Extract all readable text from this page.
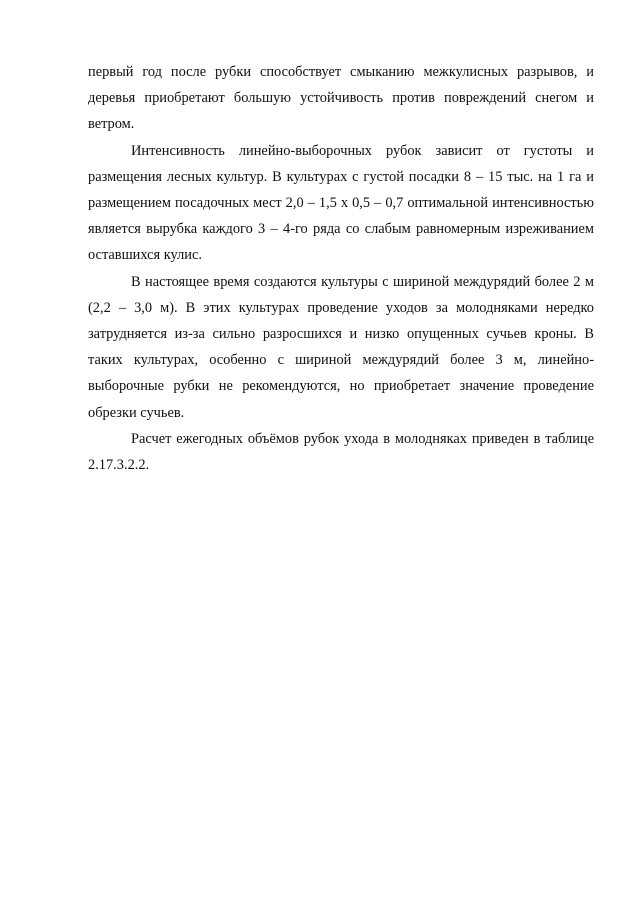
первый год после рубки способствует смыканию межкулисных разрывов, и деревья приобретают большую устойчивость против повреждений снегом и ветром.

Интенсивность линейно-выборочных рубок зависит от густоты и размещения лесных культур. В культурах с густой посадки 8 – 15 тыс. на 1 га и размещением посадочных мест 2,0 – 1,5 х 0,5 – 0,7 оптимальной интенсивностью является вырубка каждого 3 – 4-го ряда со слабым равномерным изреживанием оставшихся кулис.

В настоящее время создаются культуры с шириной междурядий более 2 м (2,2 – 3,0 м). В этих культурах проведение уходов за молодняками нередко затрудняется из-за сильно разросшихся и низко опущенных сучьев кроны. В таких культурах, особенно с шириной междурядий более 3 м, линейно-выборочные рубки не рекомендуются, но приобретает значение проведение обрезки сучьев.

Расчет ежегодных объёмов рубок ухода в молодняках приведен в таблице 2.17.3.2.2.
